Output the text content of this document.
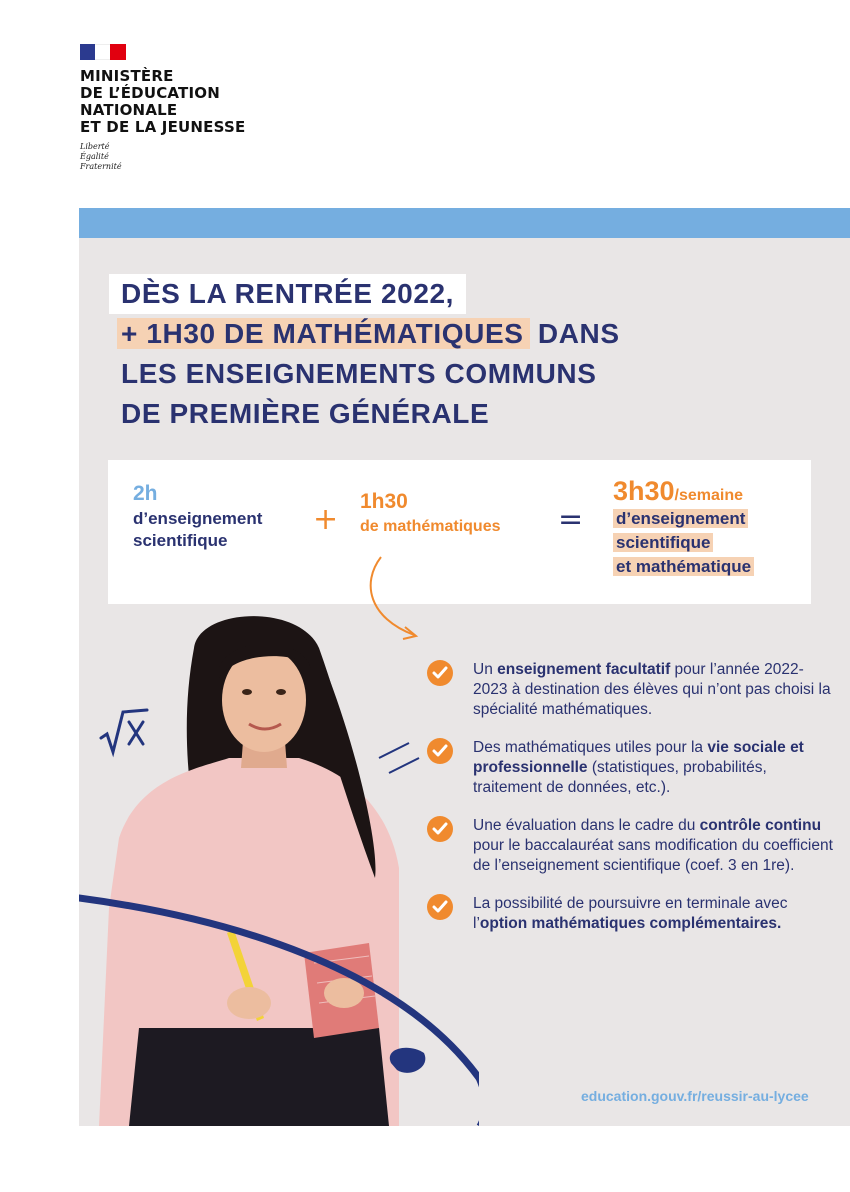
MINISTÈRE
DE L’ÉDUCATION
NATIONALE
ET DE LA JEUNESSE
Liberté
Égalité
Fraternité
DÈS LA RENTRÉE 2022,
+ 1H30 DE MATHÉMATIQUES DANS
LES ENSEIGNEMENTS COMMUNS
DE PREMIÈRE GÉNÉRALE
2h
d’enseignement
scientifique
+
1h30
de mathématiques =
3h30/semaine
d’enseignement
scientifique
et mathématique
Un enseignement facultatif pour l’année 2022-2023 à destination des élèves qui n’ont pas choisi la spécialité mathématiques.
Des mathématiques utiles pour la vie sociale et professionnelle (statistiques, probabilités, traitement de données, etc.).
Une évaluation dans le cadre du contrôle continu pour le baccalauréat sans modification du coefficient de l’enseignement scientifique (coef. 3 en 1re).
La possibilité de poursuivre en terminale avec l’option mathématiques complémentaires.
education.gouv.fr/reussir-au-lycee
